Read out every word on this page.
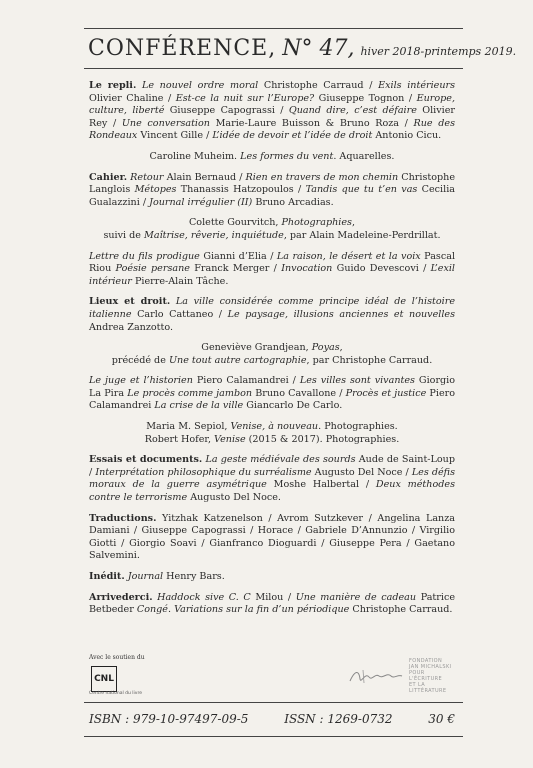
CONFÉRENCE, N° 47, hiver 2018-printemps 2019.

Le repli. Le nouvel ordre moral Christophe Carraud / Exils intérieurs Olivier Chaline / Est-ce la nuit sur l’Europe? Giuseppe Tognon / Europe, culture, liberté Giuseppe Capograssi / Quand dire, c’est défaire Olivier Rey / Une conversation Marie-Laure Buisson & Bruno Roza / Rue des Rondeaux Vincent Gille / L’idée de devoir et l’idée de droit Antonio Cicu.

Caroline Muheim. Les formes du vent. Aquarelles.

Cahier. Retour Alain Bernaud / Rien en travers de mon chemin Christophe Langlois Métopes Thanassis Hatzopoulos / Tandis que tu t’en vas Cecilia Gualazzini / Journal irrégulier (II) Bruno Arcadias.

Colette Gourvitch, Photographies,
suivi de Maîtrise, rêverie, inquiétude, par Alain Madeleine-Perdrillat.

Lettre du fils prodigue Gianni d’Elia / La raison, le désert et la voix Pascal Riou Poésie persane Franck Merger / Invocation Guido Devescovi / L’exil intérieur Pierre-Alain Tâche.

Lieux et droit. La ville considérée comme principe idéal de l’histoire italienne Carlo Cattaneo / Le paysage, illusions anciennes et nouvelles Andrea Zanzotto.

Geneviève Grandjean, Poyas,
précédé de Une tout autre cartographie, par Christophe Carraud.

Le juge et l’historien Piero Calamandrei / Les villes sont vivantes Giorgio La Pira Le procès comme jambon Bruno Cavallone / Procès et justice Piero Calamandrei La crise de la ville Giancarlo De Carlo.

Maria M. Sepiol, Venise, à nouveau. Photographies.
Robert Hofer, Venise (2015 & 2017). Photographies.

Essais et documents. La geste médiévale des sourds Aude de Saint-Loup / Interprétation philosophique du surréalisme Augusto Del Noce / Les défis moraux de la guerre asymétrique Moshe Halbertal / Deux méthodes contre le terrorisme Augusto Del Noce.

Traductions. Yitzhak Katzenelson / Avrom Sutzkever / Angelina Lanza Damiani / Giuseppe Capograssi / Horace / Gabriele D’Annunzio / Virgilio Giotti / Giorgio Soavi / Gianfranco Dioguardi / Giuseppe Pera / Gaetano Salvemini.

Inédit. Journal Henry Bars.

Arrivederci. Haddock sive C. C Milou / Une manière de cadeau Patrice Betbeder Congé. Variations sur la fin d’un périodique Christophe Carraud.

Avec le soutien du
CNL
Centre national du livre
FONDATION
JAN MICHALSKI
POUR
L'ÉCRITURE
ET LA
LITTÉRATURE
ISBN : 979-10-97497-09-5	ISSN : 1269-0732	30 €
